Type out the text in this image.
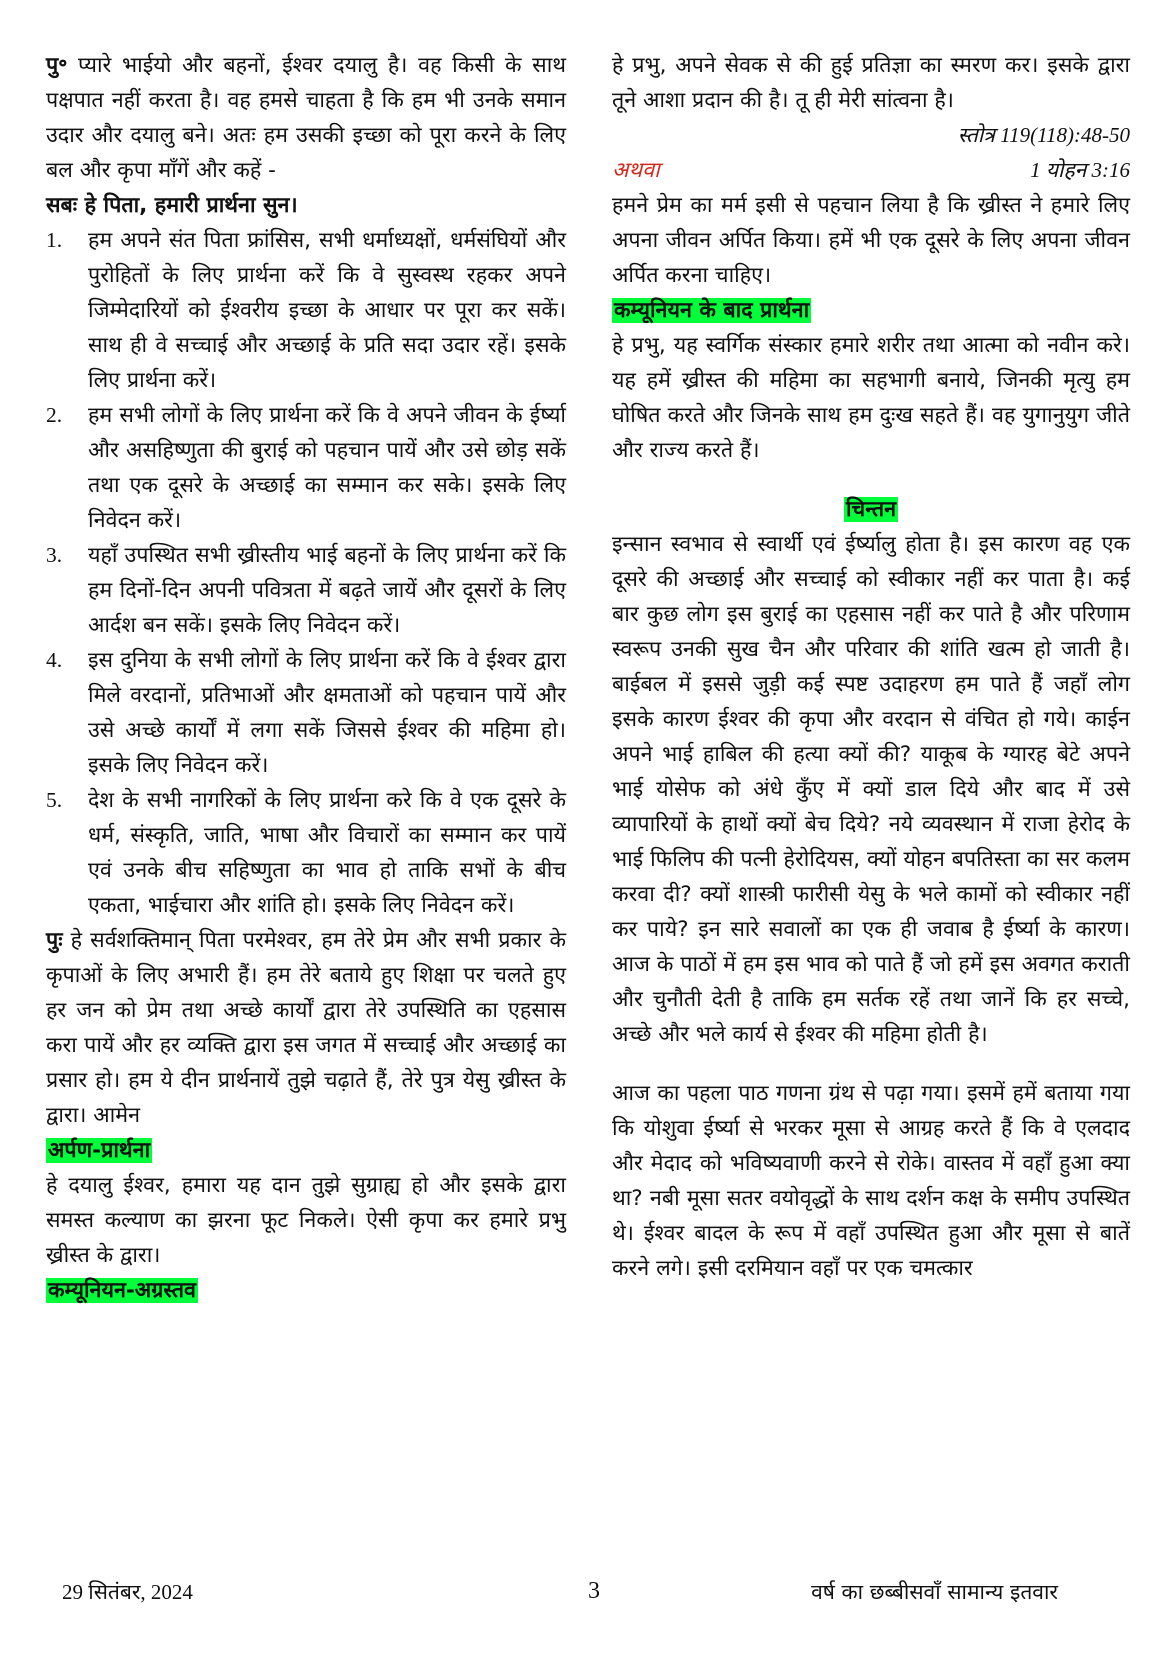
पु॰ प्यारे भाईयो और बहनों, ईश्वर दयालु है। वह किसी के साथ पक्षपात नहीं करता है। वह हमसे चाहता है कि हम भी उनके समान उदार और दयालु बने। अतः हम उसकी इच्छा को पूरा करने के लिए बल और कृपा माँगें और कहें -

सबः हे पिता, हमारी प्रार्थना सुन।

1. हम अपने संत पिता फ्रांसिस, सभी धर्माध्यक्षों, धर्मसंघियों और पुरोहितों के लिए प्रार्थना करें कि वे सुस्वस्थ रहकर अपने जिम्मेदारियों को ईश्वरीय इच्छा के आधार पर पूरा कर सकें। साथ ही वे सच्चाई और अच्छाई के प्रति सदा उदार रहें। इसके लिए प्रार्थना करें।
2. हम सभी लोगों के लिए प्रार्थना करें कि वे अपने जीवन के ईर्ष्या और असहिष्णुता की बुराई को पहचान पायें और उसे छोड़ सकें तथा एक दूसरे के अच्छाई का सम्मान कर सके। इसके लिए निवेदन करें।
3. यहाँ उपस्थित सभी ख्रीस्तीय भाई बहनों के लिए प्रार्थना करें कि हम दिनों-दिन अपनी पवित्रता में बढ़ते जायें और दूसरों के लिए आर्दश बन सकें। इसके लिए निवेदन करें।
4. इस दुनिया के सभी लोगों के लिए प्रार्थना करें कि वे ईश्वर द्वारा मिले वरदानों, प्रतिभाओं और क्षमताओं को पहचान पायें और उसे अच्छे कार्यों में लगा सकें जिससे ईश्वर की महिमा हो। इसके लिए निवेदन करें।
5. देश के सभी नागरिकों के लिए प्रार्थना करे कि वे एक दूसरे के धर्म, संस्कृति, जाति, भाषा और विचारों का सम्मान कर पायें एवं उनके बीच सहिष्णुता का भाव हो ताकि सभों के बीच एकता, भाईचारा और शांति हो। इसके लिए निवेदन करें।

पुः हे सर्वशक्तिमान् पिता परमेश्वर, हम तेरे प्रेम और सभी प्रकार के कृपाओं के लिए अभारी हैं। हम तेरे बताये हुए शिक्षा पर चलते हुए हर जन को प्रेम तथा अच्छे कार्यों द्वारा तेरे उपस्थिति का एहसास करा पायें और हर व्यक्ति द्वारा इस जगत में सच्चाई और अच्छाई का प्रसार हो। हम ये दीन प्रार्थनायें तुझे चढ़ाते हैं, तेरे पुत्र येसु ख्रीस्त के द्वारा। आमेन

अर्पण-प्रार्थना

हे दयालु ईश्वर, हमारा यह दान तुझे सुग्राह्य हो और इसके द्वारा समस्त कल्याण का झरना फूट निकले। ऐसी कृपा कर हमारे प्रभु ख्रीस्त के द्वारा।

कम्यूनियन-अग्रस्तव

हे प्रभु, अपने सेवक से की हुई प्रतिज्ञा का स्मरण कर। इसके द्वारा तूने आशा प्रदान की है। तू ही मेरी सांत्वना है।

स्तोत्र 119(118):48-50
अथवा	1 योहन 3:16

हमने प्रेम का मर्म इसी से पहचान लिया है कि ख्रीस्त ने हमारे लिए अपना जीवन अर्पित किया। हमें भी एक दूसरे के लिए अपना जीवन अर्पित करना चाहिए।

कम्यूनियन के बाद प्रार्थना

हे प्रभु, यह स्वर्गिक संस्कार हमारे शरीर तथा आत्मा को नवीन करे। यह हमें ख्रीस्त की महिमा का सहभागी बनाये, जिनकी मृत्यु हम घोषित करते और जिनके साथ हम दुःख सहते हैं। वह युगानुयुग जीते और राज्य करते हैं।

चिन्तन

इन्सान स्वभाव से स्वार्थी एवं ईर्ष्यालु होता है। इस कारण वह एक दूसरे की अच्छाई और सच्चाई को स्वीकार नहीं कर पाता है। कई बार कुछ लोग इस बुराई का एहसास नहीं कर पाते है और परिणाम स्वरूप उनकी सुख चैन और परिवार की शांति खत्म हो जाती है। बाईबल में इससे जुड़ी कई स्पष्ट उदाहरण हम पाते हैं जहाँ लोग इसके कारण ईश्वर की कृपा और वरदान से वंचित हो गये। काईन अपने भाई हाबिल की हत्या क्यों की? याकूब के ग्यारह बेटे अपने भाई योसेफ को अंधे कुँए में क्यों डाल दिये और बाद में उसे व्यापारियों के हाथों क्यों बेच दिये? नये व्यवस्थान में राजा हेरोद के भाई फिलिप की पत्नी हेरोदियस, क्यों योहन बपतिस्ता का सर कलम करवा दी? क्यों शास्त्री फारीसी येसु के भले कामों को स्वीकार नहीं कर पाये? इन सारे सवालों का एक ही जवाब है ईर्ष्या के कारण। आज के पाठों में हम इस भाव को पाते हैं जो हमें इस अवगत कराती और चुनौती देती है ताकि हम सर्तक रहें तथा जानें कि हर सच्चे, अच्छे और भले कार्य से ईश्वर की महिमा होती है।

आज का पहला पाठ गणना ग्रंथ से पढ़ा गया। इसमें हमें बताया गया कि योशुवा ईर्ष्या से भरकर मूसा से आग्रह करते हैं कि वे एलदाद और मेदाद को भविष्यवाणी करने से रोके। वास्तव में वहाँ हुआ क्या था? नबी मूसा सतर वयोवृद्धों के साथ दर्शन कक्ष के समीप उपस्थित थे। ईश्वर बादल के रूप में वहाँ उपस्थित हुआ और मूसा से बातें करने लगे। इसी दरमियान वहाँ पर एक चमत्कार

29 सितंबर, 2024	3	वर्ष का छब्बीसवाँ सामान्य इतवार
